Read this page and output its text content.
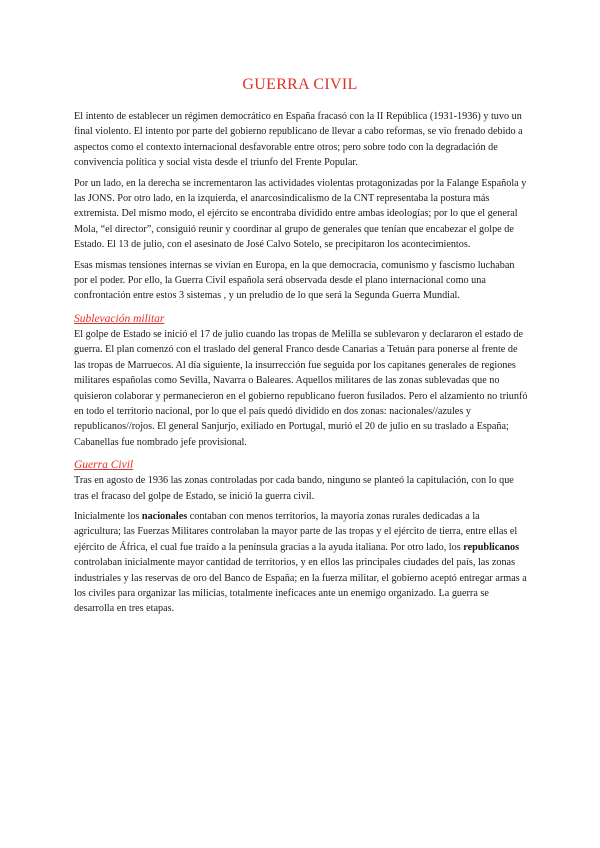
GUERRA CIVIL

El intento de establecer un régimen democrático en España fracasó con la II República (1931-1936) y tuvo un final violento. El intento por parte del gobierno republicano de llevar a cabo reformas, se vio frenado debido a aspectos como el contexto internacional desfavorable entre otros; pero sobre todo con la degradación de convivencia política y social vista desde el triunfo del Frente Popular.

Por un lado, en la derecha se incrementaron las actividades violentas protagonizadas por la Falange Española y las JONS. Por otro lado, en la izquierda, el anarcosindicalismo de la CNT representaba la postura más extremista. Del mismo modo, el ejército se encontraba dividido entre ambas ideologías; por lo que el general Mola, “el director”, consiguió reunir y coordinar al grupo de generales que tenían que encabezar el golpe de Estado. El 13 de julio, con el asesinato de José Calvo Sotelo, se precipitaron los acontecimientos.

Esas mismas tensiones internas se vivían en Europa, en la que democracia, comunismo y fascismo luchaban por el poder. Por ello, la Guerra Civil española será observada desde el plano internacional como una confrontación entre estos 3 sistemas , y un preludio de lo que será la Segunda Guerra Mundial.

Sublevación militar

El golpe de Estado se inició el 17 de julio cuando las tropas de Melilla se sublevaron y declararon el estado de guerra. El plan comenzó con el traslado del general Franco desde Canarias a Tetuán para ponerse al frente de las tropas de Marruecos. Al día siguiente, la insurrección fue seguida por los capitanes generales de regiones militares españolas como Sevilla, Navarra o Baleares. Aquellos militares de las zonas sublevadas que no quisieron colaborar y permanecieron en el gobierno republicano fueron fusilados. Pero el alzamiento no triunfó en todo el territorio nacional, por lo que el país quedó dividido en dos zonas: nacionales//azules y republicanos//rojos. El general Sanjurjo, exiliado en Portugal, murió el 20 de julio en su traslado a España; Cabanellas fue nombrado jefe provisional.

Guerra Civil

Tras en agosto de 1936 las zonas controladas por cada bando, ninguno se planteó la capitulación, con lo que tras el fracaso del golpe de Estado, se inició la guerra civil.

Inicialmente los nacionales contaban con menos territorios, la mayoría zonas rurales dedicadas a la agricultura; las Fuerzas Militares controlaban la mayor parte de las tropas y el ejército de tierra, entre ellas el ejército de África, el cual fue traído a la península gracias a la ayuda italiana. Por otro lado, los republicanos controlaban inicialmente mayor cantidad de territorios, y en ellos las principales ciudades del país, las zonas industriales y las reservas de oro del Banco de España; en la fuerza militar, el gobierno aceptó entregar armas a los civiles para organizar las milicias, totalmente ineficaces ante un enemigo organizado. La guerra se desarrolla en tres etapas.
